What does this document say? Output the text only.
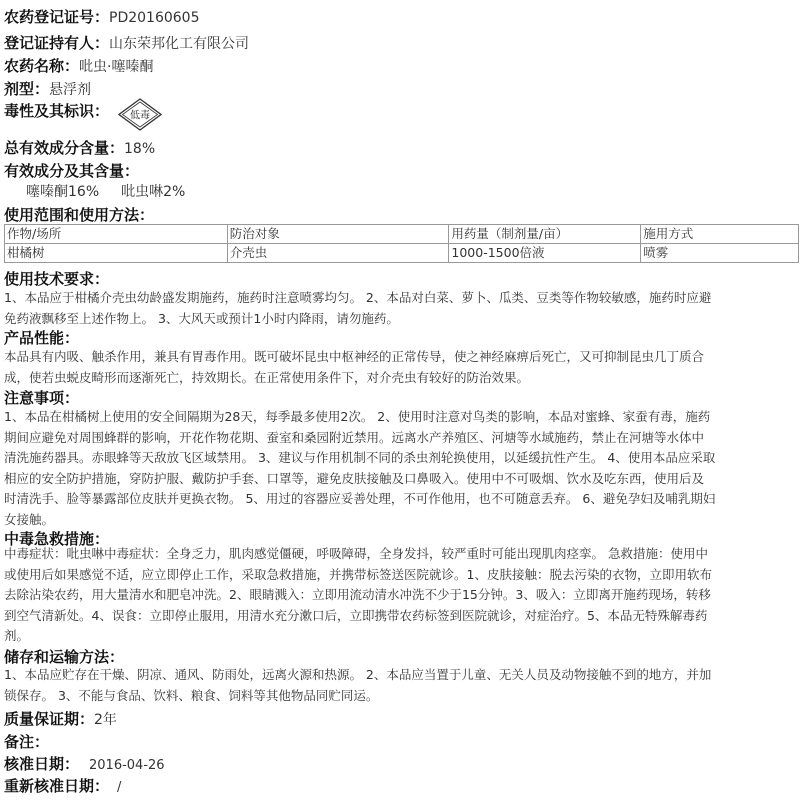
农药登记证号：PD20160605
登记证持有人：山东荣邦化工有限公司
农药名称：吡虫·噻嗪酮
剂型：悬浮剂
毒性及其标识： 低毒
总有效成分含量：18%
有效成分及其含量：
噻嗪酮16% 吡虫啉2%
使用范围和使用方法：
作物/场所	防治对象	用药量（制剂量/亩）	施用方式
柑橘树	介壳虫	1000-1500倍液	喷雾
使用技术要求：

1、本品应于柑橘介壳虫幼龄盛发期施药，施药时注意喷雾均匀。 2、本品对白菜、萝卜、瓜类、豆类等作物较敏感，施药时应避

免药液飘移至上述作物上。 3、大风天或预计1小时内降雨，请勿施药。

产品性能：

本品具有内吸、触杀作用，兼具有胃毒作用。既可破坏昆虫中枢神经的正常传导，使之神经麻痹后死亡，又可抑制昆虫几丁质合

成，使若虫蜕皮畸形而逐渐死亡，持效期长。在正常使用条件下，对介壳虫有较好的防治效果。

注意事项：

1、本品在柑橘树上使用的安全间隔期为28天，每季最多使用2次。 2、使用时注意对鸟类的影响，本品对蜜蜂、家蚕有毒，施药

期间应避免对周围蜂群的影响，开花作物花期、蚕室和桑园附近禁用。远离水产养殖区、河塘等水域施药，禁止在河塘等水体中

清洗施药器具。赤眼蜂等天敌放飞区域禁用。 3、建议与作用机制不同的杀虫剂轮换使用，以延缓抗性产生。 4、使用本品应采取

相应的安全防护措施，穿防护服、戴防护手套、口罩等，避免皮肤接触及口鼻吸入。使用中不可吸烟、饮水及吃东西，使用后及

时清洗手、脸等暴露部位皮肤并更换衣物。 5、用过的容器应妥善处理，不可作他用，也不可随意丢弃。 6、避免孕妇及哺乳期妇

女接触。

中毒急救措施：

中毒症状：吡虫啉中毒症状：全身乏力，肌肉感觉僵硬，呼吸障碍，全身发抖，较严重时可能出现肌肉痉挛。 急救措施：使用中

或使用后如果感觉不适，应立即停止工作，采取急救措施，并携带标签送医院就诊。1、皮肤接触：脱去污染的衣物，立即用软布

去除沾染农药，用大量清水和肥皂冲洗。2、眼睛溅入：立即用流动清水冲洗不少于15分钟。3、吸入：立即离开施药现场，转移

到空气清新处。4、误食：立即停止服用，用清水充分漱口后，立即携带农药标签到医院就诊，对症治疗。5、本品无特殊解毒药

剂。

储存和运输方法：

1、本品应贮存在干燥、阴凉、通风、防雨处，远离火源和热源。 2、本品应当置于儿童、无关人员及动物接触不到的地方，并加

锁保存。 3、不能与食品、饮料、粮食、饲料等其他物品同贮同运。

质量保证期：2年
备注：
核准日期： 2016-04-26
重新核准日期： /
